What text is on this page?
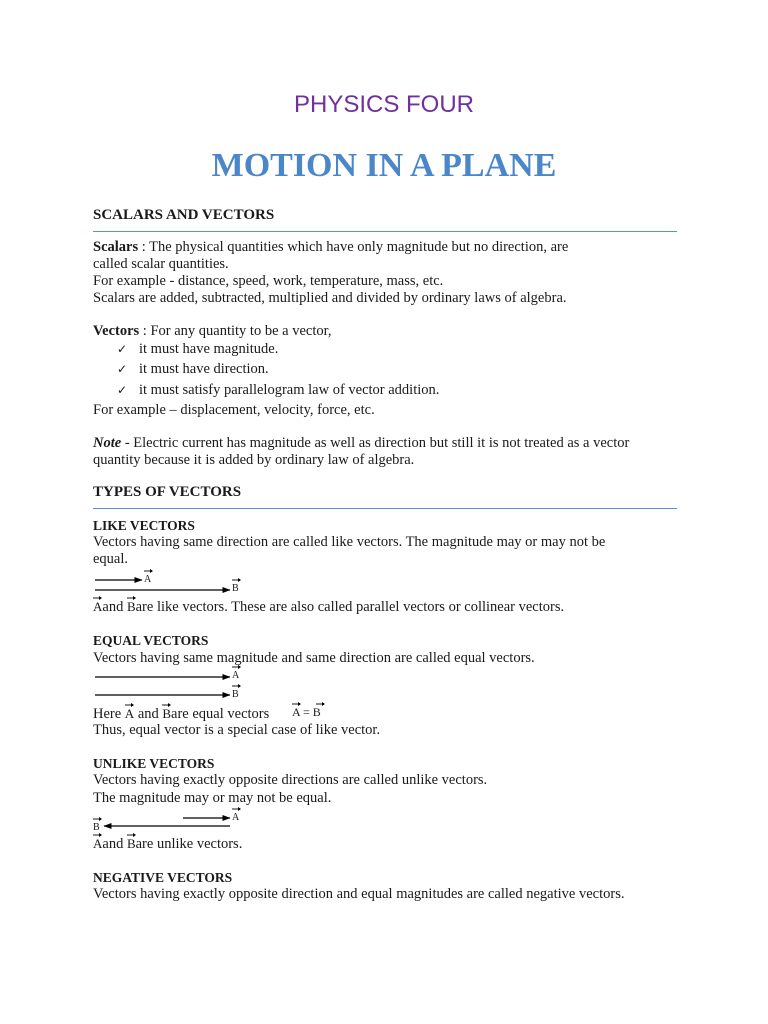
PHYSICS FOUR
MOTION IN A PLANE
SCALARS AND VECTORS
Scalars : The physical quantities which have only magnitude but no direction, are
called scalar quantities.
For example - distance, speed, work, temperature, mass, etc.
Scalars are added, subtracted, multiplied and divided by ordinary laws of algebra.
Vectors : For any quantity to be a vector,
✓ it must have magnitude.
✓ it must have direction.
✓ it must satisfy parallelogram law of vector addition.
For example – displacement, velocity, force, etc.
Note - Electric current has magnitude as well as direction but still it is not treated as a vector
quantity because it is added by ordinary law of algebra.
TYPES OF VECTORS
LIKE VECTORS
Vectors having same direction are called like vectors. The magnitude may or may not be
equal.
A
B
Aand Bare like vectors. These are also called parallel vectors or collinear vectors.
EQUAL VECTORS
Vectors having same magnitude and same direction are called equal vectors.
A
B
Here A and Bare equal vectors A = B
Thus, equal vector is a special case of like vector.
UNLIKE VECTORS
Vectors having exactly opposite directions are called unlike vectors.
The magnitude may or may not be equal.
A
B
Aand Bare unlike vectors.
NEGATIVE VECTORS
Vectors having exactly opposite direction and equal magnitudes are called negative vectors.
